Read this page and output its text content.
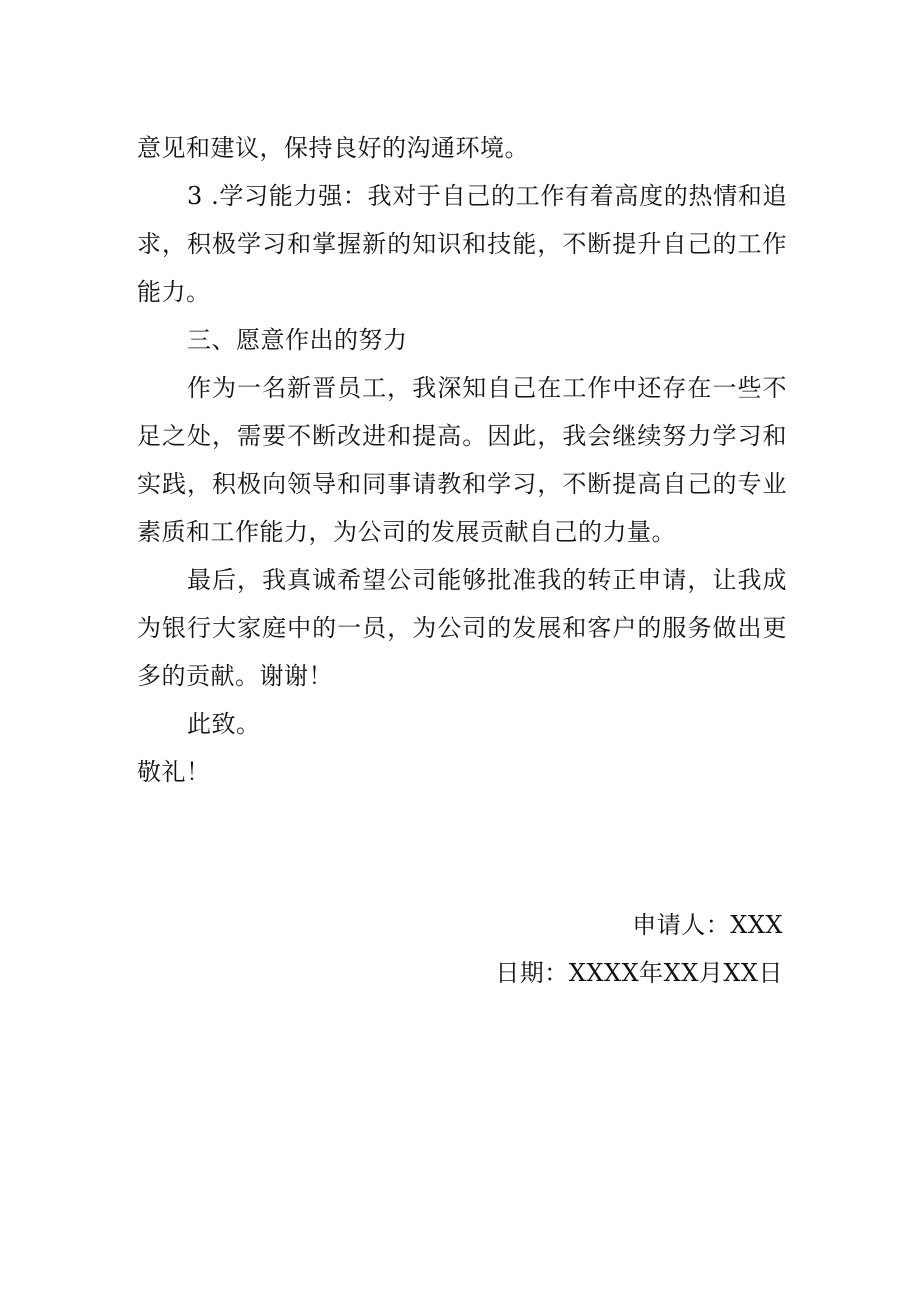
意见和建议，保持良好的沟通环境。

3 .学习能力强：我对于自己的工作有着高度的热情和追求，积极学习和掌握新的知识和技能，不断提升自己的工作能力。

三、愿意作出的努力

作为一名新晋员工，我深知自己在工作中还存在一些不足之处，需要不断改进和提高。因此，我会继续努力学习和实践，积极向领导和同事请教和学习，不断提高自己的专业素质和工作能力，为公司的发展贡献自己的力量。

最后，我真诚希望公司能够批准我的转正申请，让我成为银行大家庭中的一员，为公司的发展和客户的服务做出更多的贡献。谢谢！

此致。

敬礼！

申请人：XXX
日期：XXXX年XX月XX日
